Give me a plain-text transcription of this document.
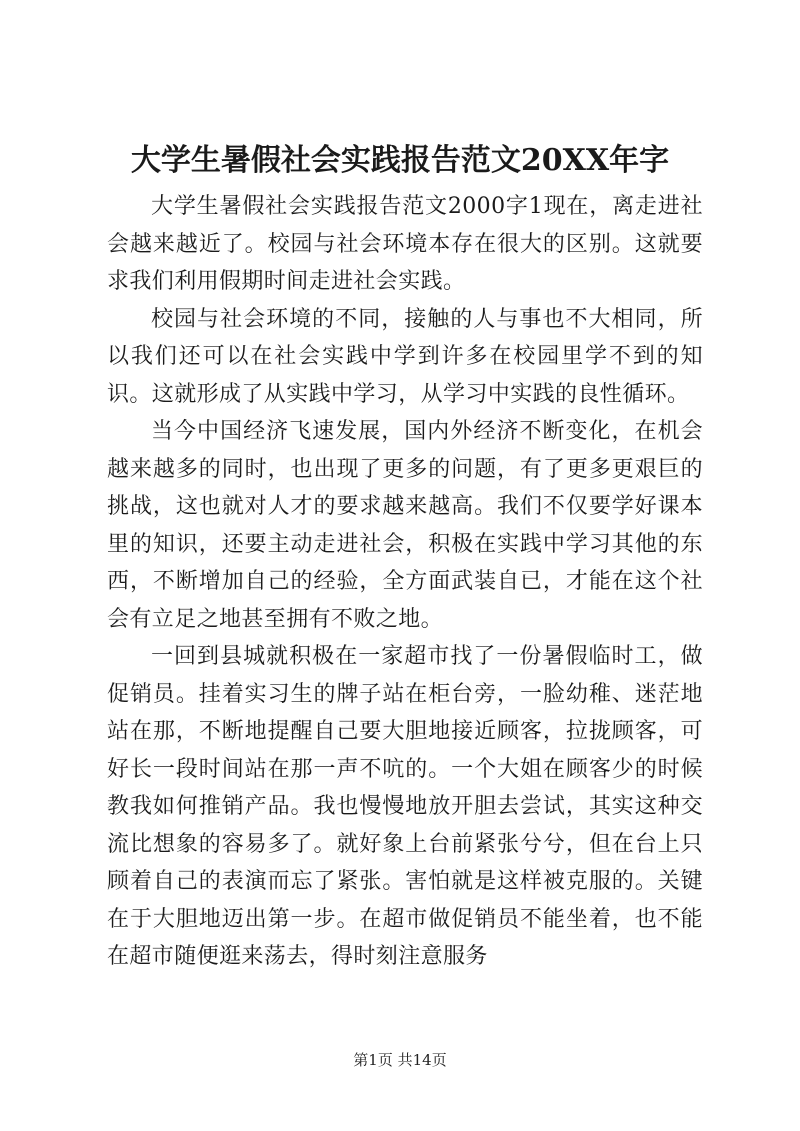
大学生暑假社会实践报告范文20XX年字

大学生暑假社会实践报告范文2000字1现在，离走进社会越来越近了。校园与社会环境本存在很大的区别。这就要求我们利用假期时间走进社会实践。

校园与社会环境的不同，接触的人与事也不大相同，所以我们还可以在社会实践中学到许多在校园里学不到的知识。这就形成了从实践中学习，从学习中实践的良性循环。

当今中国经济飞速发展，国内外经济不断变化，在机会越来越多的同时，也出现了更多的问题，有了更多更艰巨的挑战，这也就对人才的要求越来越高。我们不仅要学好课本里的知识，还要主动走进社会，积极在实践中学习其他的东西，不断增加自己的经验，全方面武装自已，才能在这个社会有立足之地甚至拥有不败之地。

一回到县城就积极在一家超市找了一份暑假临时工，做促销员。挂着实习生的牌子站在柜台旁，一脸幼稚、迷茫地站在那，不断地提醒自己要大胆地接近顾客，拉拢顾客，可好长一段时间站在那一声不吭的。一个大姐在顾客少的时候教我如何推销产品。我也慢慢地放开胆去尝试，其实这种交流比想象的容易多了。就好象上台前紧张兮兮，但在台上只顾着自己的表演而忘了紧张。害怕就是这样被克服的。关键在于大胆地迈出第一步。在超市做促销员不能坐着，也不能在超市随便逛来荡去，得时刻注意服务

第1页 共14页
